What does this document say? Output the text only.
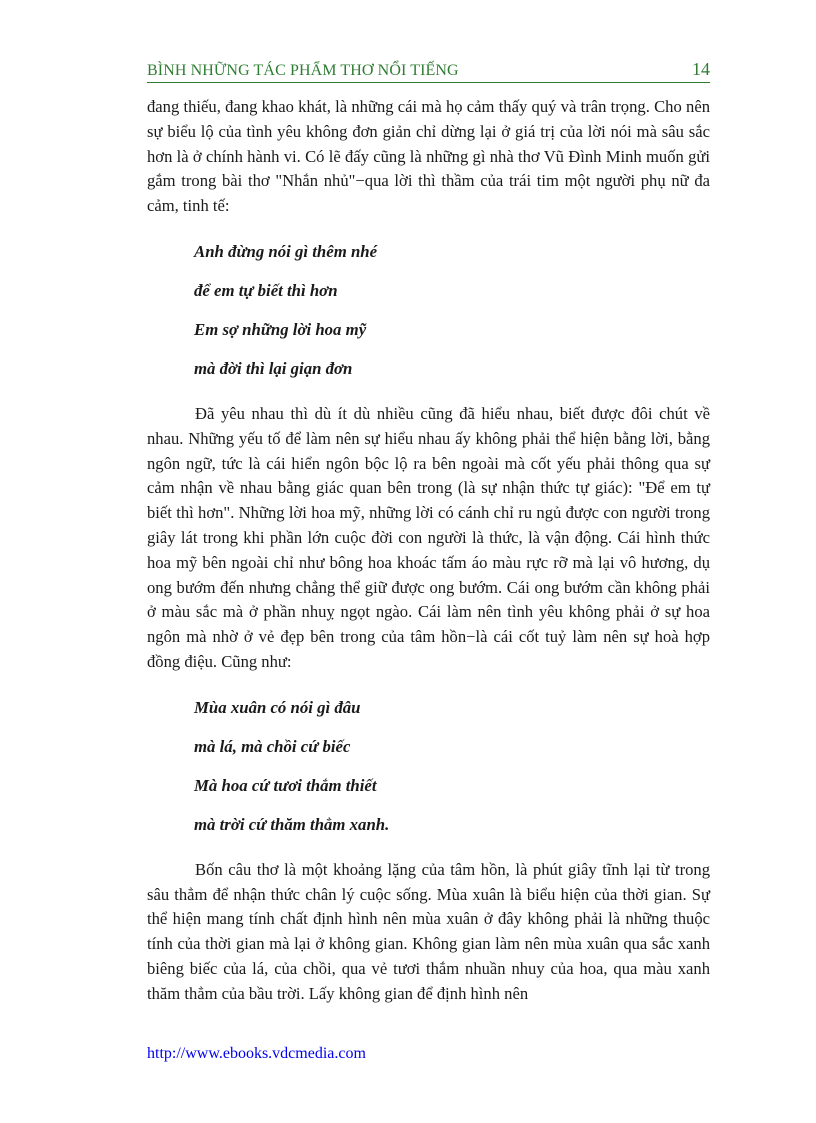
BÌNH NHỮNG TÁC PHẨM THƠ NỔI TIẾNG	14

đang thiếu, đang khao khát, là những cái mà họ cảm thấy quý và trân trọng. Cho nên sự biểu lộ của tình yêu không đơn giản chỉ dừng lại ở giá trị của lời nói mà sâu sắc hơn là ở chính hành vi. Có lẽ đấy cũng là những gì nhà thơ Vũ Đình Minh muốn gửi gắm trong bài thơ "Nhắn nhủ"−qua lời thì thầm của trái tim một người phụ nữ đa cảm, tinh tế:

Anh đừng nói gì thêm nhé
để em tự biết thì hơn
Em sợ những lời hoa mỹ
mà đời thì lại giạn đơn

Đã yêu nhau thì dù ít dù nhiều cũng đã hiểu nhau, biết được đôi chút về nhau. Những yếu tố để làm nên sự hiểu nhau ấy không phải thể hiện bằng lời, bằng ngôn ngữ, tức là cái hiển ngôn bộc lộ ra bên ngoài mà cốt yếu phải thông qua sự cảm nhận về nhau bằng giác quan bên trong (là sự nhận thức tự giác): "Để em tự biết thì hơn". Những lời hoa mỹ, những lời có cánh chỉ ru ngủ được con người trong giây lát trong khi phần lớn cuộc đời con người là thức, là vận động. Cái hình thức hoa mỹ bên ngoài chỉ như bông hoa khoác tấm áo màu rực rỡ mà lại vô hương, dụ ong bướm đến nhưng chẳng thể giữ được ong bướm. Cái ong bướm cần không phải ở màu sắc mà ở phần nhuỵ ngọt ngào. Cái làm nên tình yêu không phải ở sự hoa ngôn mà nhờ ở vẻ đẹp bên trong của tâm hồn−là cái cốt tuỷ làm nên sự hoà hợp đồng điệu. Cũng như:

Mùa xuân có nói gì đâu
mà lá, mà chồi cứ biếc
Mà hoa cứ tươi thắm thiết
mà trời cứ thăm thẳm xanh.

Bốn câu thơ là một khoảng lặng của tâm hồn, là phút giây tĩnh lại từ trong sâu thẳm để nhận thức chân lý cuộc sống. Mùa xuân là biểu hiện của thời gian. Sự thể hiện mang tính chất định hình nên mùa xuân ở đây không phải là những thuộc tính của thời gian mà lại ở không gian. Không gian làm nên mùa xuân qua sắc xanh biêng biếc của lá, của chồi, qua vẻ tươi thắm nhuần nhuy của hoa, qua màu xanh thăm thẳm của bầu trời. Lấy không gian để định hình nên

http://www.ebooks.vdcmedia.com
